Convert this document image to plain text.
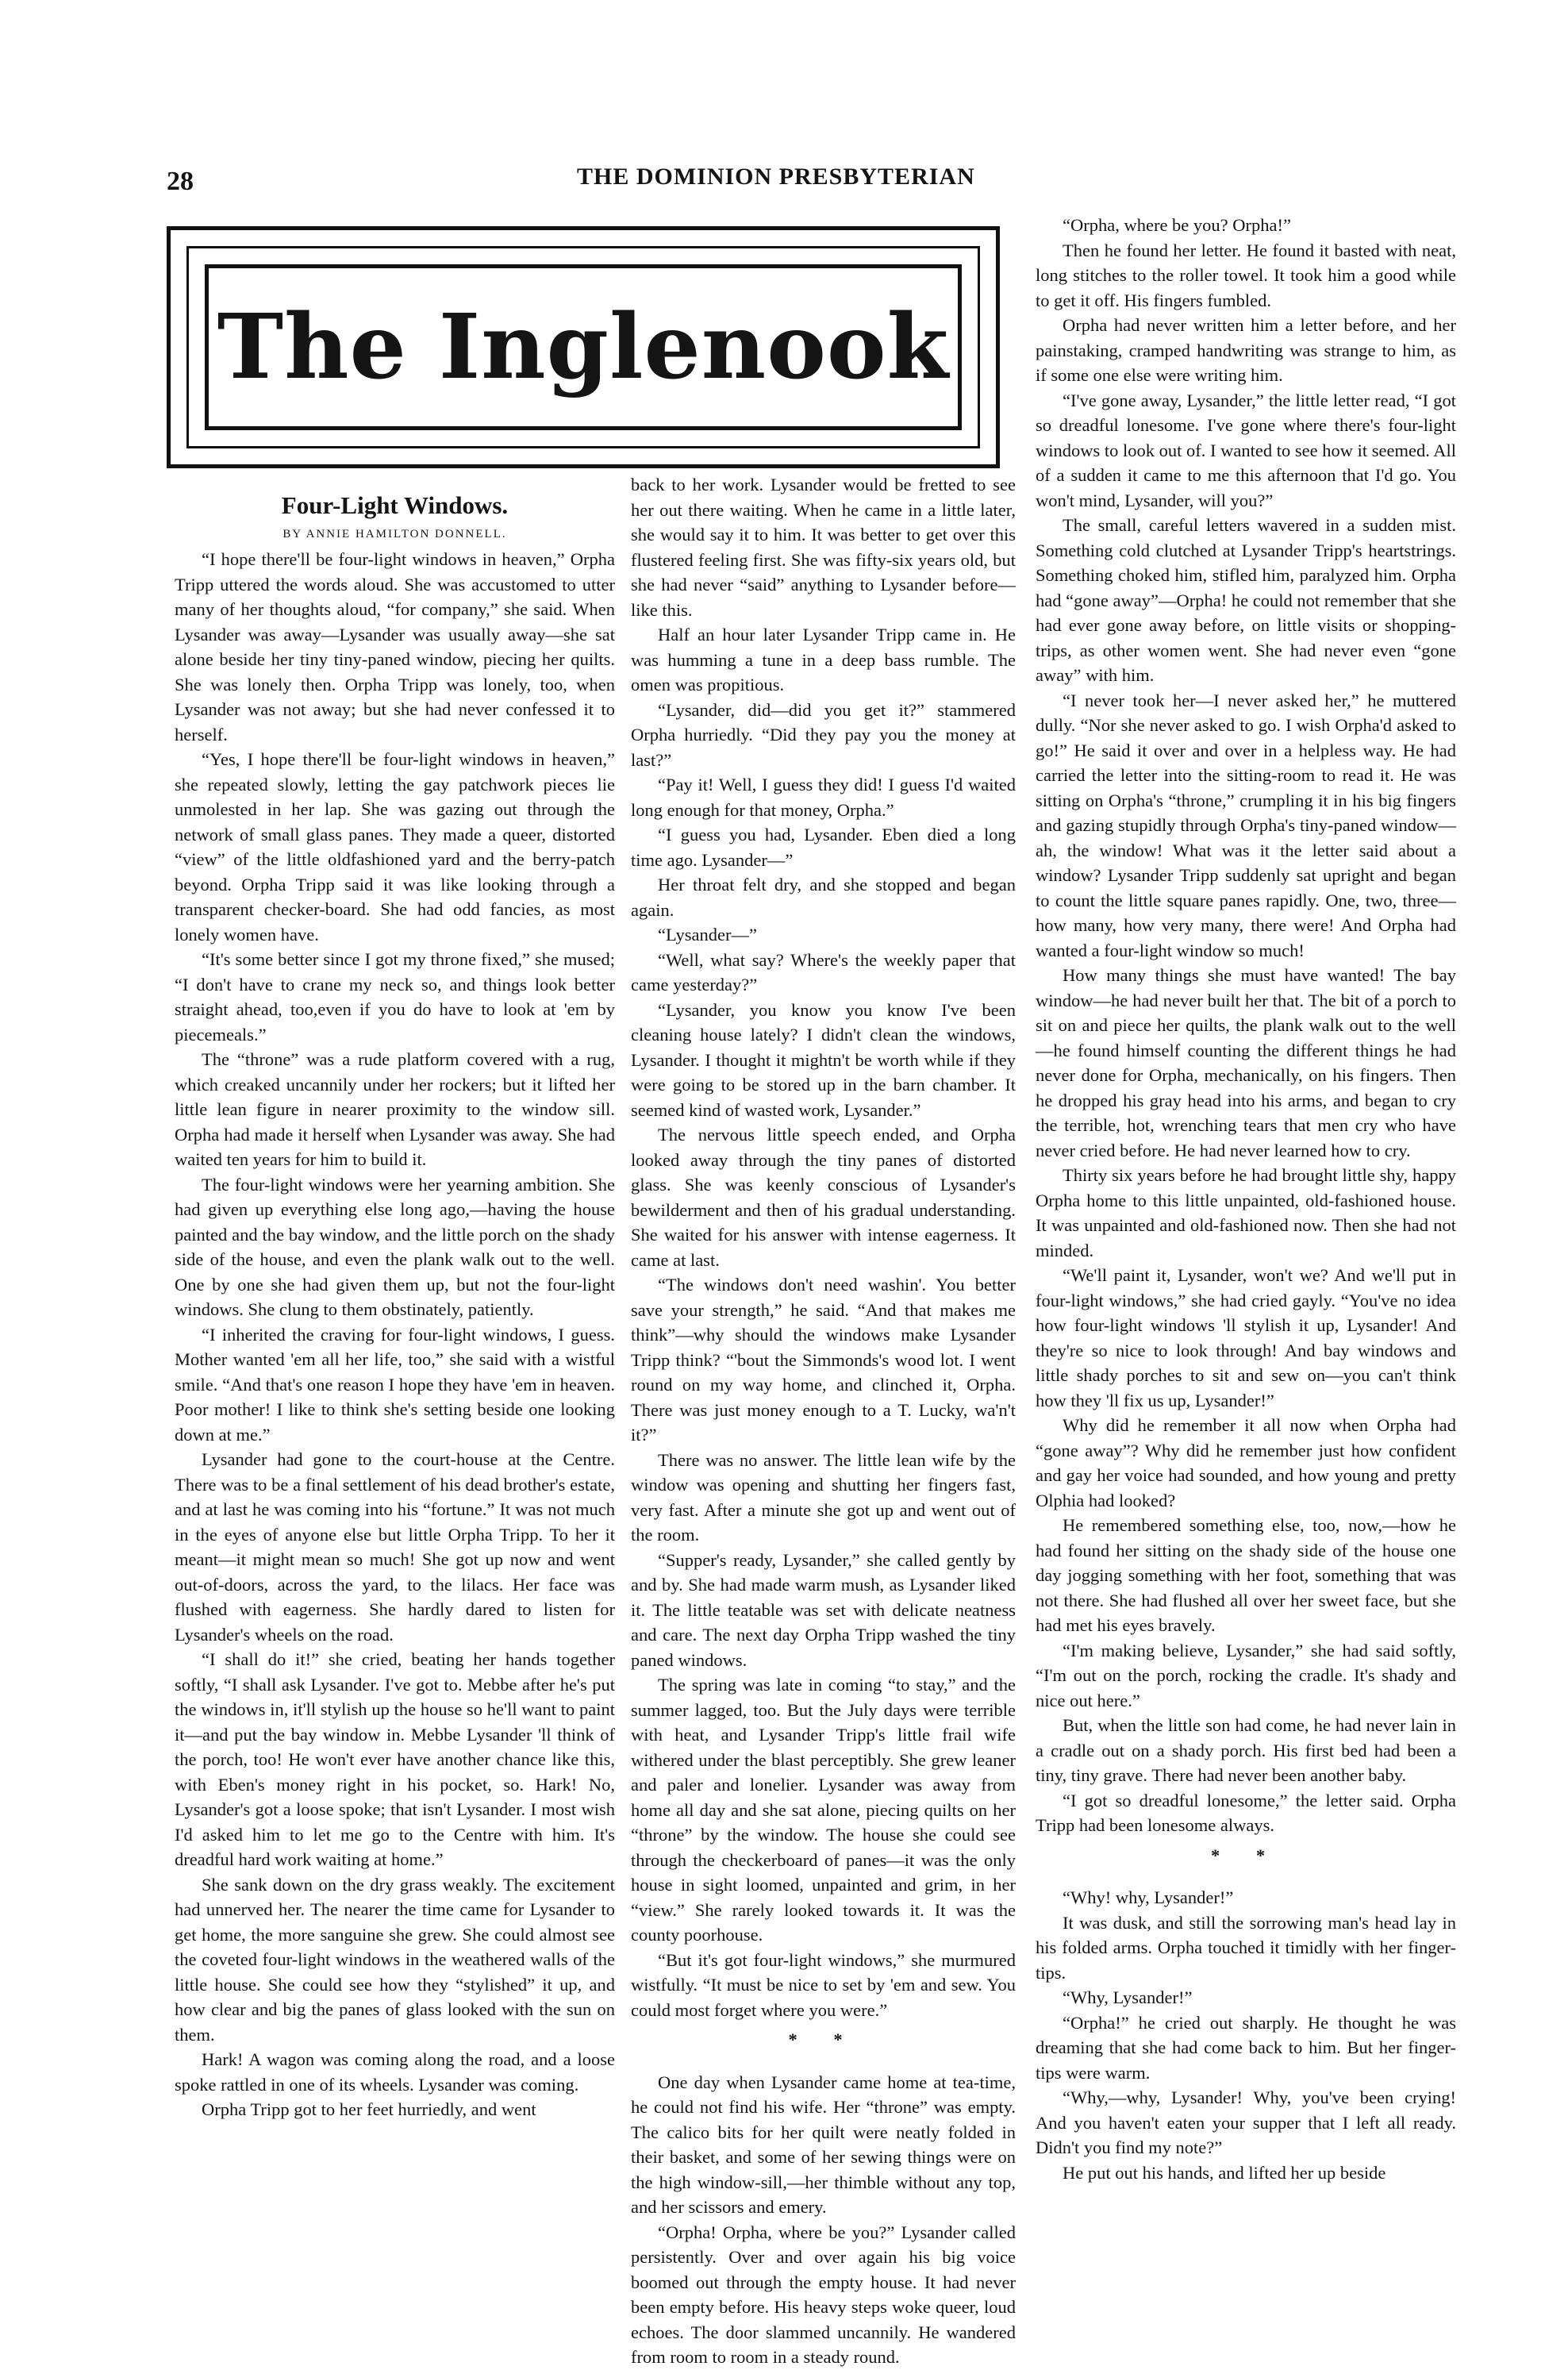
28	THE DOMINION PRESBYTERIAN
The Inglenook
Four-Light Windows.
BY ANNIE HAMILTON DONNELL.

“I hope there'll be four-light windows in heaven,” Orpha Tripp uttered the words aloud. She was accustomed to utter many of her thoughts aloud, “for company,” she said. When Lysander was away—Lysander was usually away—she sat alone beside her tiny tiny-paned window, piecing her quilts. She was lonely then. Orpha Tripp was lonely, too, when Lysander was not away; but she had never confessed it to herself.

“Yes, I hope there'll be four-light windows in heaven,” she repeated slowly, letting the gay patchwork pieces lie unmolested in her lap. She was gazing out through the network of small glass panes. They made a queer, distorted “view” of the little oldfashioned yard and the berry-patch beyond. Orpha Tripp said it was like looking through a transparent checker-board. She had odd fancies, as most lonely women have.

“It's some better since I got my throne fixed,” she mused; “I don't have to crane my neck so, and things look better straight ahead, too,even if you do have to look at 'em by piecemeals.”

The “throne” was a rude platform covered with a rug, which creaked uncannily under her rockers; but it lifted her little lean figure in nearer proximity to the window sill. Orpha had made it herself when Lysander was away. She had waited ten years for him to build it.

The four-light windows were her yearning ambition. She had given up everything else long ago,—having the house painted and the bay window, and the little porch on the shady side of the house, and even the plank walk out to the well. One by one she had given them up, but not the four-light windows. She clung to them obstinately, patiently.

“I inherited the craving for four-light windows, I guess. Mother wanted 'em all her life, too,” she said with a wistful smile. “And that's one reason I hope they have 'em in heaven. Poor mother! I like to think she's setting beside one looking down at me.”

Lysander had gone to the court-house at the Centre. There was to be a final settlement of his dead brother's estate, and at last he was coming into his “fortune.” It was not much in the eyes of anyone else but little Orpha Tripp. To her it meant—it might mean so much! She got up now and went out-of-doors, across the yard, to the lilacs. Her face was flushed with eagerness. She hardly dared to listen for Lysander's wheels on the road.

“I shall do it!” she cried, beating her hands together softly, “I shall ask Lysander. I've got to. Mebbe after he's put the windows in, it'll stylish up the house so he'll want to paint it—and put the bay window in. Mebbe Lysander 'll think of the porch, too! He won't ever have another chance like this, with Eben's money right in his pocket, so. Hark! No, Lysander's got a loose spoke; that isn't Lysander. I most wish I'd asked him to let me go to the Centre with him. It's dreadful hard work waiting at home.”

She sank down on the dry grass weakly. The excitement had unnerved her. The nearer the time came for Lysander to get home, the more sanguine she grew. She could almost see the coveted four-light windows in the weathered walls of the little house. She could see how they “stylished” it up, and how clear and big the panes of glass looked with the sun on them.

Hark! A wagon was coming along the road, and a loose spoke rattled in one of its wheels. Lysander was coming.

Orpha Tripp got to her feet hurriedly, and went

back to her work. Lysander would be fretted to see her out there waiting. When he came in a little later, she would say it to him. It was better to get over this flustered feeling first. She was fifty-six years old, but she had never “said” anything to Lysander before—like this.

Half an hour later Lysander Tripp came in. He was humming a tune in a deep bass rumble. The omen was propitious.

“Lysander, did—did you get it?” stammered Orpha hurriedly. “Did they pay you the money at last?”

“Pay it! Well, I guess they did! I guess I'd waited long enough for that money, Orpha.”

“I guess you had, Lysander. Eben died a long time ago. Lysander—”

Her throat felt dry, and she stopped and began again.

“Lysander—”

“Well, what say? Where's the weekly paper that came yesterday?”

“Lysander, you know you know I've been cleaning house lately? I didn't clean the windows, Lysander. I thought it mightn't be worth while if they were going to be stored up in the barn chamber. It seemed kind of wasted work, Lysander.”

The nervous little speech ended, and Orpha looked away through the tiny panes of distorted glass. She was keenly conscious of Lysander's bewilderment and then of his gradual understanding. She waited for his answer with intense eagerness. It came at last.

“The windows don't need washin'. You better save your strength,” he said. “And that makes me think”—why should the windows make Lysander Tripp think? “'bout the Simmonds's wood lot. I went round on my way home, and clinched it, Orpha. There was just money enough to a T. Lucky, wa'n't it?”

There was no answer. The little lean wife by the window was opening and shutting her fingers fast, very fast. After a minute she got up and went out of the room.

“Supper's ready, Lysander,” she called gently by and by. She had made warm mush, as Lysander liked it. The little teatable was set with delicate neatness and care. The next day Orpha Tripp washed the tiny paned windows.

The spring was late in coming “to stay,” and the summer lagged, too. But the July days were terrible with heat, and Lysander Tripp's little frail wife withered under the blast perceptibly. She grew leaner and paler and lonelier. Lysander was away from home all day and she sat alone, piecing quilts on her “throne” by the window. The house she could see through the checkerboard of panes—it was the only house in sight loomed, unpainted and grim, in her “view.” She rarely looked towards it. It was the county poorhouse.

“But it's got four-light windows,” she murmured wistfully. “It must be nice to set by 'em and sew. You could most forget where you were.”

* *

One day when Lysander came home at tea-time, he could not find his wife. Her “throne” was empty. The calico bits for her quilt were neatly folded in their basket, and some of her sewing things were on the high window-sill,—her thimble without any top, and her scissors and emery.

“Orpha! Orpha, where be you?” Lysander called persistently. Over and over again his big voice boomed out through the empty house. It had never been empty before. His heavy steps woke queer, loud echoes. The door slammed uncannily. He wandered from room to room in a steady round.

“Orpha, where be you? Orpha!”

Then he found her letter. He found it basted with neat, long stitches to the roller towel. It took him a good while to get it off. His fingers fumbled.

Orpha had never written him a letter before, and her painstaking, cramped handwriting was strange to him, as if some one else were writing him.

“I've gone away, Lysander,” the little letter read, “I got so dreadful lonesome. I've gone where there's four-light windows to look out of. I wanted to see how it seemed. All of a sudden it came to me this afternoon that I'd go. You won't mind, Lysander, will you?”

The small, careful letters wavered in a sudden mist. Something cold clutched at Lysander Tripp's heartstrings. Something choked him, stifled him, paralyzed him. Orpha had “gone away”—Orpha! he could not remember that she had ever gone away before, on little visits or shopping-trips, as other women went. She had never even “gone away” with him.

“I never took her—I never asked her,” he muttered dully. “Nor she never asked to go. I wish Orpha'd asked to go!” He said it over and over in a helpless way. He had carried the letter into the sitting-room to read it. He was sitting on Orpha's “throne,” crumpling it in his big fingers and gazing stupidly through Orpha's tiny-paned window—ah, the window! What was it the letter said about a window? Lysander Tripp suddenly sat upright and began to count the little square panes rapidly. One, two, three—how many, how very many, there were! And Orpha had wanted a four-light window so much!

How many things she must have wanted! The bay window—he had never built her that. The bit of a porch to sit on and piece her quilts, the plank walk out to the well—he found himself counting the different things he had never done for Orpha, mechanically, on his fingers. Then he dropped his gray head into his arms, and began to cry the terrible, hot, wrenching tears that men cry who have never cried before. He had never learned how to cry.

Thirty six years before he had brought little shy, happy Orpha home to this little unpainted, old-fashioned house. It was unpainted and old-fashioned now. Then she had not minded.

“We'll paint it, Lysander, won't we? And we'll put in four-light windows,” she had cried gayly. “You've no idea how four-light windows 'll stylish it up, Lysander! And they're so nice to look through! And bay windows and little shady porches to sit and sew on—you can't think how they 'll fix us up, Lysander!”

Why did he remember it all now when Orpha had “gone away”? Why did he remember just how confident and gay her voice had sounded, and how young and pretty Olphia had looked?

He remembered something else, too, now,—how he had found her sitting on the shady side of the house one day jogging something with her foot, something that was not there. She had flushed all over her sweet face, but she had met his eyes bravely.

“I'm making believe, Lysander,” she had said softly, “I'm out on the porch, rocking the cradle. It's shady and nice out here.”

But, when the little son had come, he had never lain in a cradle out on a shady porch. His first bed had been a tiny, tiny grave. There had never been another baby.

“I got so dreadful lonesome,” the letter said. Orpha Tripp had been lonesome always.

* *

“Why! why, Lysander!”

It was dusk, and still the sorrowing man's head lay in his folded arms. Orpha touched it timidly with her finger-tips.

“Why, Lysander!”

“Orpha!” he cried out sharply. He thought he was dreaming that she had come back to him. But her finger-tips were warm.

“Why,—why, Lysander! Why, you've been crying! And you haven't eaten your supper that I left all ready. Didn't you find my note?”

He put out his hands, and lifted her up beside
